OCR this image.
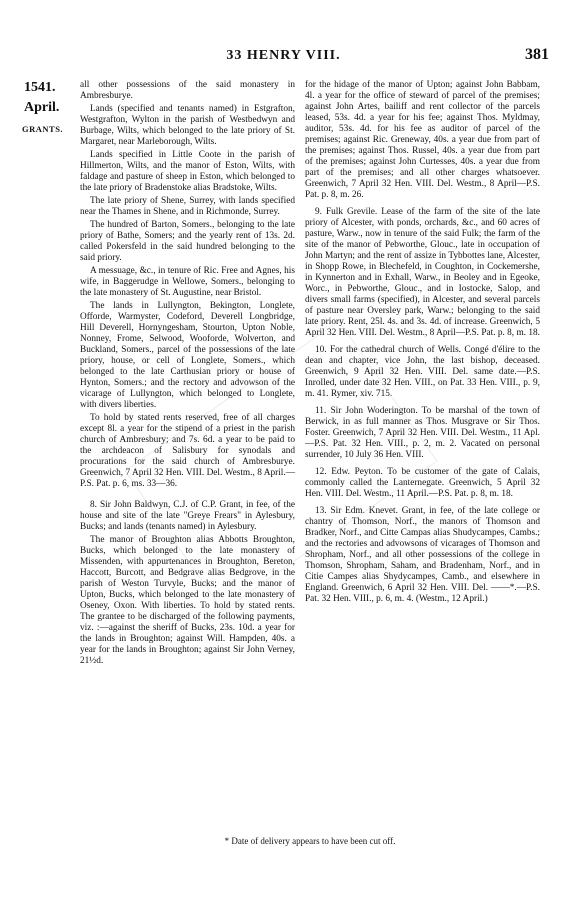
33 HENRY VIII.	381
1541.
April.
GRANTS.

all other possessions of the said monastery in Ambresburye.

Lands (specified and tenants named) in Estgrafton, Westgrafton, Wylton in the parish of Westbedwyn and Burbage, Wilts, which belonged to the late priory of St. Margaret, near Marleborough, Wilts.

Lands specified in Little Coote in the parish of Hillmerton, Wilts, and the manor of Eston, Wilts, with faldage and pasture of sheep in Eston, which belonged to the late priory of Bradenstoke alias Bradstoke, Wilts.

The late priory of Shene, Surrey, with lands specified near the Thames in Shene, and in Richmonde, Surrey.

The hundred of Barton, Somers., belonging to the late priory of Bathe, Somers; and the yearly rent of 13s. 2d. called Pokersfeld in the said hundred belonging to the said priory.

A messuage, &c., in tenure of Ric. Free and Agnes, his wife, in Baggerudge in Wellowe, Somers., belonging to the late monastery of St. Augustine, near Bristol.

The lands in Lullyngton, Bekington, Longlete, Offorde, Warmyster, Codeford, Deverell Longbridge, Hill Deverell, Hornyngesham, Stourton, Upton Noble, Nonney, Frome, Selwood, Wooforde, Wolverton, and Buckland, Somers., parcel of the possessions of the late priory, house, or cell of Longlete, Somers., which belonged to the late Carthusian priory or house of Hynton, Somers.; and the rectory and advowson of the vicarage of Lullyngton, which belonged to Longlete, with divers liberties.

To hold by stated rents reserved, free of all charges except 8l. a year for the stipend of a priest in the parish church of Ambresbury; and 7s. 6d. a year to be paid to the archdeacon of Salisbury for synodals and procurations for the said church of Ambresburye. Greenwich, 7 April 32 Hen. VIII. Del. Westm., 8 April.—P.S. Pat. p. 6, ms. 33—36.

8. Sir John Baldwyn, C.J. of C.P. Grant, in fee, of the house and site of the late "Greye Frears" in Aylesbury, Bucks; and lands (tenants named) in Aylesbury.

The manor of Broughton alias Abbotts Broughton, Bucks, which belonged to the late monastery of Missenden, with appurtenances in Broughton, Bereton, Haccott, Burcott, and Bedgrave alias Bedgrove, in the parish of Weston Turvyle, Bucks; and the manor of Upton, Bucks, which belonged to the late monastery of Oseney, Oxon. With liberties. To hold by stated rents. The grantee to be discharged of the following payments, viz. :—against the sheriff of Bucks, 23s. 10d. a year for the lands in Broughton; against Will. Hampden, 40s. a year for the lands in Broughton; against Sir John Verney, 21½d.

for the hidage of the manor of Upton; against John Babbam, 4l. a year for the office of steward of parcel of the premises; against John Artes, bailiff and rent collector of the parcels leased, 53s. 4d. a year for his fee; against Thos. Myldmay, auditor, 53s. 4d. for his fee as auditor of parcel of the premises; against Ric. Greneway, 40s. a year due from part of the premises; against Thos. Russel, 40s. a year due from part of the premises; against John Curtesses, 40s. a year due from part of the premises; and all other charges whatsoever. Greenwich, 7 April 32 Hen. VIII. Del. Westm., 8 April—P.S. Pat. p. 8, m. 26.

9. Fulk Grevile. Lease of the farm of the site of the late priory of Alcester, with ponds, orchards, &c., and 60 acres of pasture, Warw., now in tenure of the said Fulk; the farm of the site of the manor of Pebworthe, Glouc., late in occupation of John Martyn; and the rent of assize in Tybbottes lane, Alcester, in Shopp Rowe, in Blechefeld, in Coughton, in Cockemershe, in Kynnerton and in Exhall, Warw., in Beoley and in Egeoke, Worc., in Pebworthe, Glouc., and in Iostocke, Salop, and divers small farms (specified), in Alcester, and several parcels of pasture near Oversley park, Warw.; belonging to the said late priory. Rent, 25l. 4s. and 3s. 4d. of increase. Greenwich, 5 April 32 Hen. VIII. Del. Westm., 8 April—P.S. Pat. p. 8, m. 18.

10. For the cathedral church of Wells. Congé d'élire to the dean and chapter, vice John, the last bishop, deceased. Greenwich, 9 April 32 Hen. VIII. Del. same date.—P.S. Inrolled, under date 32 Hen. VIII., on Pat. 33 Hen. VIII., p. 9, m. 41. Rymer, xiv. 715.

11. Sir John Woderington. To be marshal of the town of Berwick, in as full manner as Thos. Musgrave or Sir Thos. Foster. Greenwich, 7 April 32 Hen. VIII. Del. Westm., 11 Apl.—P.S. Pat. 32 Hen. VIII., p. 2, m. 2. Vacated on personal surrender, 10 July 36 Hen. VIII.

12. Edw. Peyton. To be customer of the gate of Calais, commonly called the Lanternegate. Greenwich, 5 April 32 Hen. VIII. Del. Westm., 11 April.—P.S. Pat. p. 8, m. 18.

13. Sir Edm. Knevet. Grant, in fee, of the late college or chantry of Thomson, Norf., the manors of Thomson and Bradker, Norf., and Citte Campas alias Shudycampes, Cambs.; and the rectories and advowsons of vicarages of Thomson and Shropham, Norf., and all other possessions of the college in Thomson, Shropham, Saham, and Bradenham, Norf., and in Citie Campes alias Shydycampes, Camb., and elsewhere in England. Greenwich, 6 April 32 Hen. VIII. Del. ——*.—P.S. Pat. 32 Hen. VIII., p. 6, m. 4. (Westm., 12 April.)

* Date of delivery appears to have been cut off.
